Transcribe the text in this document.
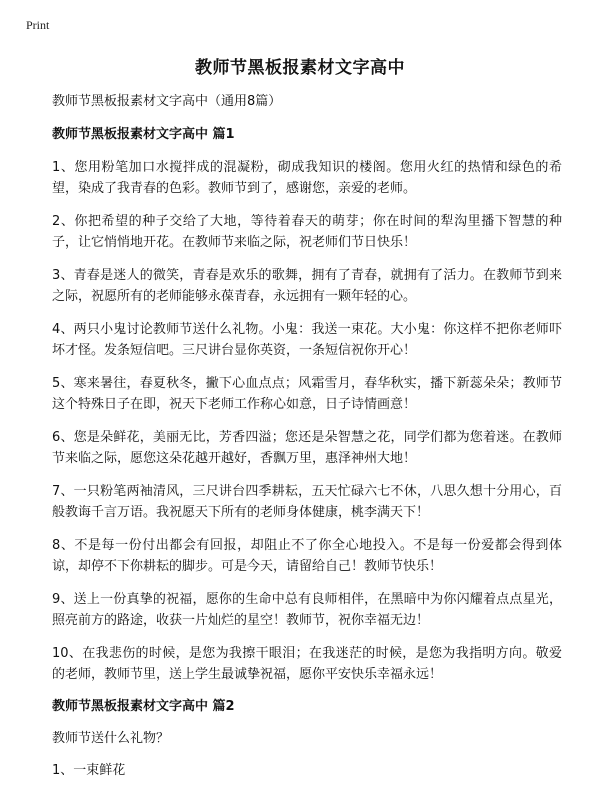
Print
教师节黑板报素材文字高中

教师节黑板报素材文字高中（通用8篇）

教师节黑板报素材文字高中 篇1

1、您用粉笔加口水搅拌成的混凝粉，砌成我知识的楼阁。您用火红的热情和绿色的希望，染成了我青春的色彩。教师节到了，感谢您，亲爱的老师。

2、你把希望的种子交给了大地，等待着春天的萌芽；你在时间的犁沟里播下智慧的种子，让它悄悄地开花。在教师节来临之际，祝老师们节日快乐！

3、青春是迷人的微笑，青春是欢乐的歌舞，拥有了青春，就拥有了活力。在教师节到来之际，祝愿所有的老师能够永葆青春，永远拥有一颗年轻的心。

4、两只小鬼讨论教师节送什么礼物。小鬼：我送一束花。大小鬼：你这样不把你老师吓坏才怪。发条短信吧。三尺讲台显你英资，一条短信祝你开心！

5、寒来暑往，春夏秋冬，撇下心血点点；风霜雪月，春华秋实，播下新蕊朵朵；教师节这个特殊日子在即，祝天下老师工作称心如意，日子诗情画意！

6、您是朵鲜花，美丽无比，芳香四溢；您还是朵智慧之花，同学们都为您着迷。在教师节来临之际，愿您这朵花越开越好，香飘万里，惠泽神州大地！

7、一只粉笔两袖清风，三尺讲台四季耕耘，五天忙碌六七不休，八思久想十分用心，百般教诲千言万语。我祝愿天下所有的老师身体健康，桃李满天下！

8、不是每一份付出都会有回报，却阻止不了你全心地投入。不是每一份爱都会得到体谅，却停不下你耕耘的脚步。可是今天，请留给自己！教师节快乐！

9、送上一份真挚的祝福，愿你的生命中总有良师相伴，在黑暗中为你闪耀着点点星光，照亮前方的路途，收获一片灿烂的星空！教师节，祝你幸福无边！

10、在我悲伤的时候，是您为我擦干眼泪；在我迷茫的时候，是您为我指明方向。敬爱的老师，教师节里，送上学生最诚挚祝福，愿你平安快乐幸福永远！

教师节黑板报素材文字高中 篇2

教师节送什么礼物？

1、一束鲜花
